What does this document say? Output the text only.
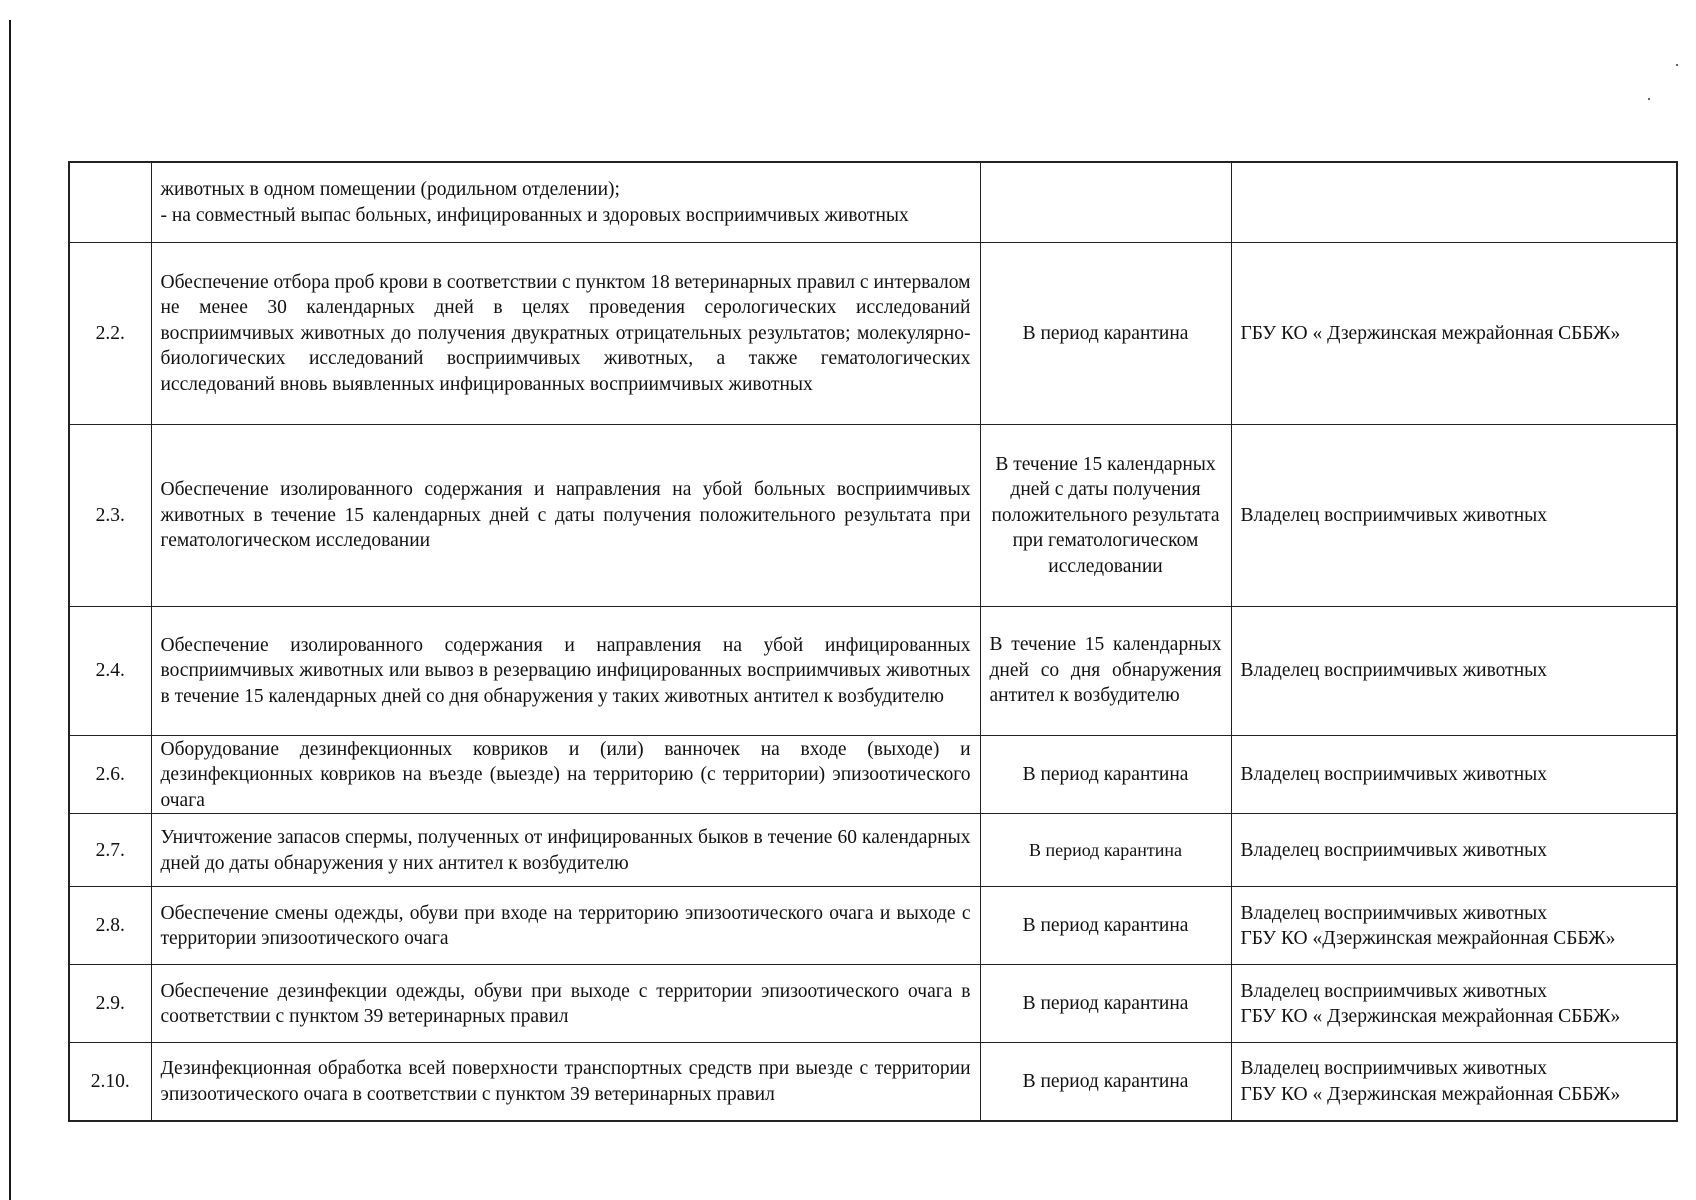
	животных в одном помещении (родильном отделении);
- на совместный выпас больных, инфицированных и здоровых восприимчивых животных		

2.2.	Обеспечение отбора проб крови в соответствии с пунктом 18 ветеринарных правил с интервалом не менее 30 календарных дней в целях проведения серологических исследований восприимчивых животных до получения двукратных отрицательных результатов; молекулярно-биологических исследований восприимчивых животных, а также гематологических исследований вновь выявленных инфицированных восприимчивых животных	В период карантина	ГБУ КО « Дзержинская межрайонная СББЖ»

2.3.	Обеспечение изолированного содержания и направления на убой больных восприимчивых животных в течение 15 календарных дней с даты получения положительного результата при гематологическом исследовании	В течение 15 календарных дней с даты получения положительного результата при гематологическом исследовании	Владелец восприимчивых животных

2.4.	Обеспечение изолированного содержания и направления на убой инфицированных восприимчивых животных или вывоз в резервацию инфицированных восприимчивых животных в течение 15 календарных дней со дня обнаружения у таких животных антител к возбудителю	В течение 15 календарных дней со дня обнаружения антител к возбудителю	Владелец восприимчивых животных

2.6.	Оборудование дезинфекционных ковриков и (или) ванночек на входе (выходе) и дезинфекционных ковриков на въезде (выезде) на территорию (с территории) эпизоотического очага	В период карантина	Владелец восприимчивых животных

2.7.	Уничтожение запасов спермы, полученных от инфицированных быков в течение 60 календарных дней до даты обнаружения у них антител к возбудителю	В период карантина	Владелец восприимчивых животных

2.8.	Обеспечение смены одежды, обуви при входе на территорию эпизоотического очага и выходе с территории эпизоотического очага	В период карантина	Владелец восприимчивых животных
ГБУ КО «Дзержинская межрайонная СББЖ»

2.9.	Обеспечение дезинфекции одежды, обуви при выходе с территории эпизоотического очага в соответствии с пунктом 39 ветеринарных правил	В период карантина	Владелец восприимчивых животных
ГБУ КО « Дзержинская межрайонная СББЖ»

2.10.	Дезинфекционная обработка всей поверхности транспортных средств при выезде с территории эпизоотического очага в соответствии с пунктом 39 ветеринарных правил	В период карантина	Владелец восприимчивых животных
ГБУ КО « Дзержинская межрайонная СББЖ»
